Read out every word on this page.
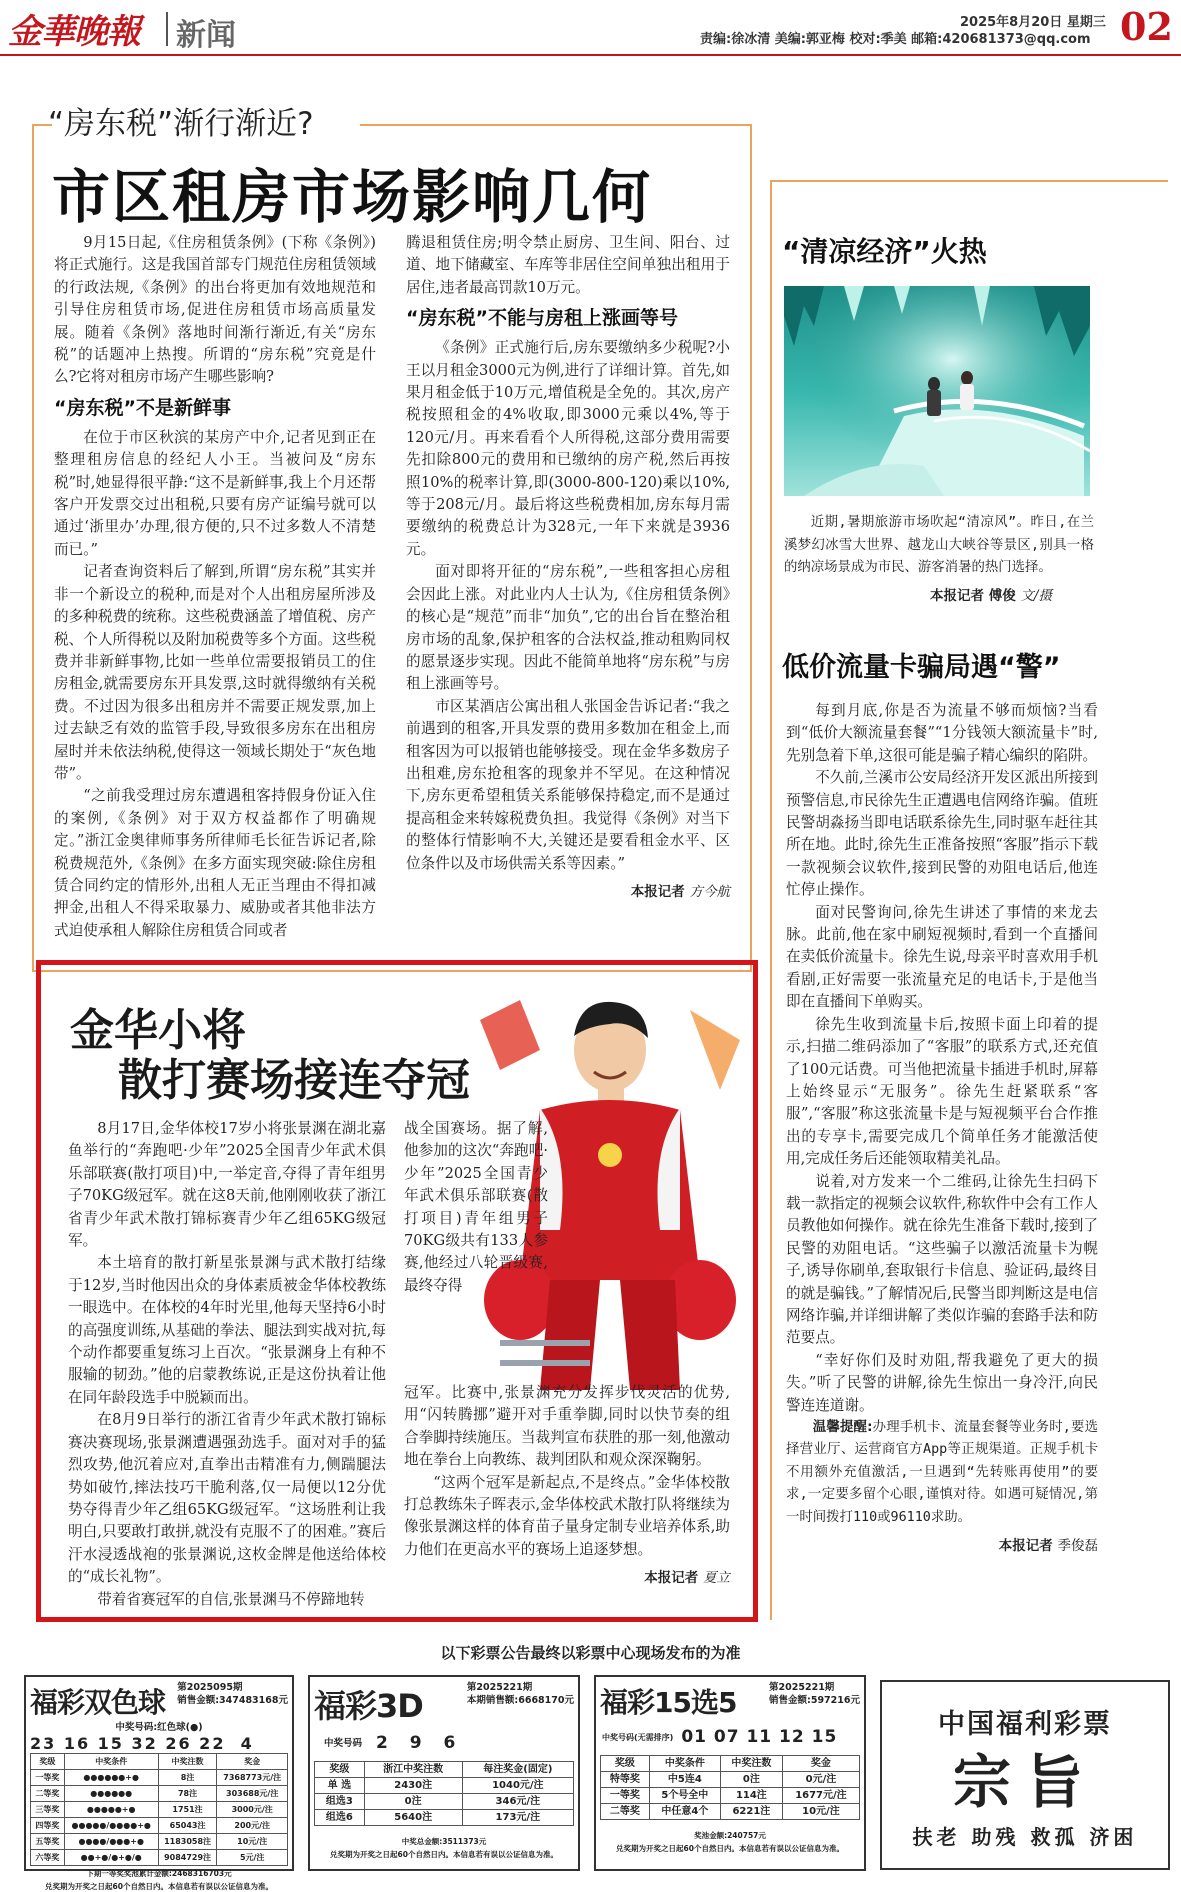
金華晚報 新闻	责编:徐冰清 美编:郭亚梅 校对:季美 邮箱:420681373@qq.com
2025年8月20日 星期三 02
“房东税”渐行渐近?
市区租房市场影响几何

9月15日起,《住房租赁条例》(下称《条例》)将正式施行。这是我国首部专门规范住房租赁领域的行政法规,《条例》的出台将更加有效地规范和引导住房租赁市场,促进住房租赁市场高质量发展。随着《条例》落地时间渐行渐近,有关“房东税”的话题冲上热搜。所谓的“房东税”究竟是什么?它将对租房市场产生哪些影响?

“房东税”不是新鲜事

在位于市区秋滨的某房产中介,记者见到正在整理租房信息的经纪人小王。当被问及“房东税”时,她显得很平静:“这不是新鲜事,我上个月还帮客户开发票交过出租税,只要有房产证编号就可以通过‘浙里办’办理,很方便的,只不过多数人不清楚而已。”

记者查询资料后了解到,所谓“房东税”其实并非一个新设立的税种,而是对个人出租房屋所涉及的多种税费的统称。这些税费涵盖了增值税、房产税、个人所得税以及附加税费等多个方面。这些税费并非新鲜事物,比如一些单位需要报销员工的住房租金,就需要房东开具发票,这时就得缴纳有关税费。不过因为很多出租房并不需要正规发票,加上过去缺乏有效的监管手段,导致很多房东在出租房屋时并未依法纳税,使得这一领域长期处于“灰色地带”。

“之前我受理过房东遭遇租客持假身份证入住的案例,《条例》对于双方权益都作了明确规定。”浙江金奥律师事务所律师毛长征告诉记者,除税费规范外,《条例》在多方面实现突破:除住房租赁合同约定的情形外,出租人无正当理由不得扣减押金,出租人不得采取暴力、威胁或者其他非法方式迫使承租人解除住房租赁合同或者

腾退租赁住房;明令禁止厨房、卫生间、阳台、过道、地下储藏室、车库等非居住空间单独出租用于居住,违者最高罚款10万元。

“房东税”不能与房租上涨画等号

《条例》正式施行后,房东要缴纳多少税呢?小王以月租金3000元为例,进行了详细计算。首先,如果月租金低于10万元,增值税是全免的。其次,房产税按照租金的4%收取,即3000元乘以4%,等于120元/月。再来看看个人所得税,这部分费用需要先扣除800元的费用和已缴纳的房产税,然后再按照10%的税率计算,即(3000-800-120)乘以10%,等于208元/月。最后将这些税费相加,房东每月需要缴纳的税费总计为328元,一年下来就是3936元。

面对即将开征的“房东税”,一些租客担心房租会因此上涨。对此业内人士认为,《住房租赁条例》的核心是“规范”而非“加负”,它的出台旨在整治租房市场的乱象,保护租客的合法权益,推动租购同权的愿景逐步实现。因此不能简单地将“房东税”与房租上涨画等号。

市区某酒店公寓出租人张国金告诉记者:“我之前遇到的租客,开具发票的费用多数加在租金上,而租客因为可以报销也能够接受。现在金华多数房子出租难,房东抢租客的现象并不罕见。在这种情况下,房东更希望租赁关系能够保持稳定,而不是通过提高租金来转嫁税费负担。我觉得《条例》对当下的整体行情影响不大,关键还是要看租金水平、区位条件以及市场供需关系等因素。”

本报记者 方今航
“清凉经济”火热

近期,暑期旅游市场吹起“清凉风”。昨日,在兰溪梦幻冰雪大世界、越龙山大峡谷等景区,别具一格的纳凉场景成为市民、游客消暑的热门选择。

本报记者 傅俊 文/摄
低价流量卡骗局遇“警”

每到月底,你是否为流量不够而烦恼?当看到“低价大额流量套餐”“1分钱领大额流量卡”时,先别急着下单,这很可能是骗子精心编织的陷阱。

不久前,兰溪市公安局经济开发区派出所接到预警信息,市民徐先生正遭遇电信网络诈骗。值班民警胡淼扬当即电话联系徐先生,同时驱车赶往其所在地。此时,徐先生正准备按照“客服”指示下载一款视频会议软件,接到民警的劝阻电话后,他连忙停止操作。

面对民警询问,徐先生讲述了事情的来龙去脉。此前,他在家中刷短视频时,看到一个直播间在卖低价流量卡。徐先生说,母亲平时喜欢用手机看剧,正好需要一张流量充足的电话卡,于是他当即在直播间下单购买。

徐先生收到流量卡后,按照卡面上印着的提示,扫描二维码添加了“客服”的联系方式,还充值了100元话费。可当他把流量卡插进手机时,屏幕上始终显示“无服务”。徐先生赶紧联系“客服”,“客服”称这张流量卡是与短视频平台合作推出的专享卡,需要完成几个简单任务才能激活使用,完成任务后还能领取精美礼品。

说着,对方发来一个二维码,让徐先生扫码下载一款指定的视频会议软件,称软件中会有工作人员教他如何操作。就在徐先生准备下载时,接到了民警的劝阻电话。“这些骗子以激活流量卡为幌子,诱导你刷单,套取银行卡信息、验证码,最终目的就是骗钱。”了解情况后,民警当即判断这是电信网络诈骗,并详细讲解了类似诈骗的套路手法和防范要点。

“幸好你们及时劝阻,帮我避免了更大的损失。”听了民警的讲解,徐先生惊出一身冷汗,向民警连连道谢。

温馨提醒:办理手机卡、流量套餐等业务时,要选择营业厅、运营商官方App等正规渠道。正规手机卡不用额外充值激活,一旦遇到“先转账再使用”的要求,一定要多留个心眼,谨慎对待。如遇可疑情况,第一时间拨打110或96110求助。

本报记者 季俊磊
金华小将
散打赛场接连夺冠

8月17日,金华体校17岁小将张景渊在湖北嘉鱼举行的“奔跑吧·少年”2025全国青少年武术俱乐部联赛(散打项目)中,一举定音,夺得了青年组男子70KG级冠军。就在这8天前,他刚刚收获了浙江省青少年武术散打锦标赛青少年乙组65KG级冠军。

本土培育的散打新星张景渊与武术散打结缘于12岁,当时他因出众的身体素质被金华体校教练一眼选中。在体校的4年时光里,他每天坚持6小时的高强度训练,从基础的拳法、腿法到实战对抗,每个动作都要重复练习上百次。“张景渊身上有种不服输的韧劲。”他的启蒙教练说,正是这份执着让他在同年龄段选手中脱颖而出。

在8月9日举行的浙江省青少年武术散打锦标赛决赛现场,张景渊遭遇强劲选手。面对对手的猛烈攻势,他沉着应对,直拳出击精准有力,侧踹腿法势如破竹,摔法技巧干脆利落,仅一局便以12分优势夺得青少年乙组65KG级冠军。“这场胜利让我明白,只要敢打敢拼,就没有克服不了的困难。”赛后汗水浸透战袍的张景渊说,这枚金牌是他送给体校的“成长礼物”。

带着省赛冠军的自信,张景渊马不停蹄地转

战全国赛场。据了解,他参加的这次“奔跑吧·少年”2025全国青少年武术俱乐部联赛(散打项目)青年组男子70KG级共有133人参赛,他经过八轮晋级赛,最终夺得

冠军。比赛中,张景渊充分发挥步伐灵活的优势,用“闪转腾挪”避开对手重拳脚,同时以快节奏的组合拳脚持续施压。当裁判宣布获胜的那一刻,他激动地在拳台上向教练、裁判团队和观众深深鞠躬。

“这两个冠军是新起点,不是终点。”金华体校散打总教练朱子晖表示,金华体校武术散打队将继续为像张景渊这样的体育苗子量身定制专业培养体系,助力他们在更高水平的赛场上追逐梦想。

本报记者 夏立
以下彩票公告最终以彩票中心现场发布的为准
福彩双色球 第2025095期
销售金额:347483168元
中奖号码:红色球(●)
23 16 15 32 26 22  4
奖级	中奖条件	中奖注数	奖金
一等奖	●●●●●●+●	8注	7368773元/注
二等奖	●●●●●●	78注	303688元/注
三等奖	●●●●●+●	1751注	3000元/注
四等奖	●●●●●/●●●●+●	65043注	200元/注
五等奖	●●●●/●●●+●	1183058注	10元/注
六等奖	●●+●/●+●/●	9084729注	5元/注
下期一等奖奖池累计金额:2468316703元
兑奖期为开奖之日起60个自然日内。本信息若有误以公证信息为准。
福彩3D	第2025221期
本期销售额:6668170元
中奖号码 2 9 6
奖级	浙江中奖注数	每注奖金(固定)
单 选	2430注	1040元/注
组选3	0注	346元/注
组选6	5640注	173元/注
中奖总金额:3511373元
兑奖期为开奖之日起60个自然日内。本信息若有误以公证信息为准。
福彩15选5	第2025221期
销售金额:597216元
中奖号码(无需排序) 01 07 11 12 15
奖级	中奖条件	中奖注数	奖金
特等奖	中5连4	0注	0元/注
一等奖	5个号全中	114注	1677元/注
二等奖	中任意4个	6221注	10元/注
奖池金额:240757元
兑奖期为开奖之日起60个自然日内。本信息若有误以公证信息为准。
中国福利彩票
宗旨
扶老 助残 救孤 济困
